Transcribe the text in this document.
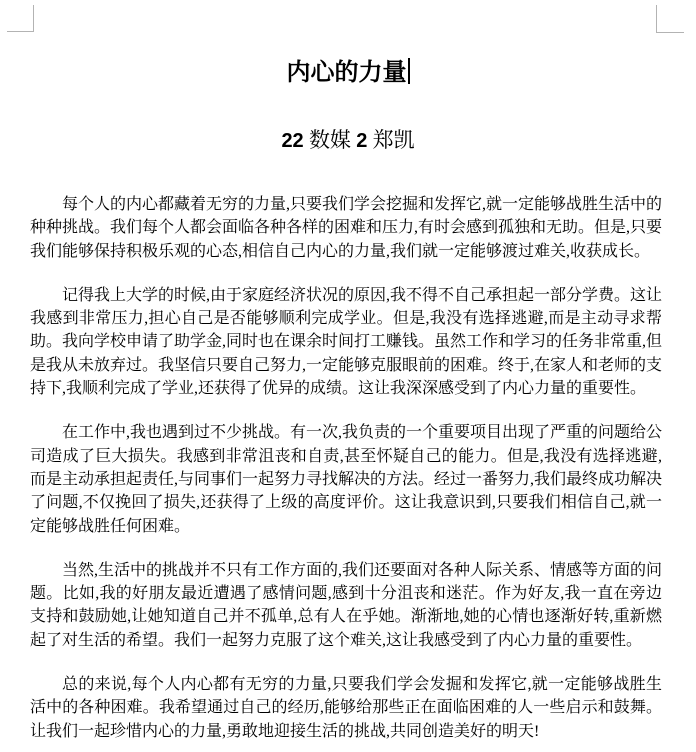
内心的力量
22 数媒 2 郑凯

每个人的内心都藏着无穷的力量,只要我们学会挖掘和发挥它,就一定能够战胜生活中的种种挑战。我们每个人都会面临各种各样的困难和压力,有时会感到孤独和无助。但是,只要我们能够保持积极乐观的心态,相信自己内心的力量,我们就一定能够渡过难关,收获成长。

记得我上大学的时候,由于家庭经济状况的原因,我不得不自己承担起一部分学费。这让我感到非常压力,担心自己是否能够顺利完成学业。但是,我没有选择逃避,而是主动寻求帮助。我向学校申请了助学金,同时也在课余时间打工赚钱。虽然工作和学习的任务非常重,但是我从未放弃过。我坚信只要自己努力,一定能够克服眼前的困难。终于,在家人和老师的支持下,我顺利完成了学业,还获得了优异的成绩。这让我深深感受到了内心力量的重要性。

在工作中,我也遇到过不少挑战。有一次,我负责的一个重要项目出现了严重的问题给公司造成了巨大损失。我感到非常沮丧和自责,甚至怀疑自己的能力。但是,我没有选择逃避,而是主动承担起责任,与同事们一起努力寻找解决的方法。经过一番努力,我们最终成功解决了问题,不仅挽回了损失,还获得了上级的高度评价。这让我意识到,只要我们相信自己,就一定能够战胜任何困难。

当然,生活中的挑战并不只有工作方面的,我们还要面对各种人际关系、情感等方面的问题。比如,我的好朋友最近遭遇了感情问题,感到十分沮丧和迷茫。作为好友,我一直在旁边支持和鼓励她,让她知道自己并不孤单,总有人在乎她。渐渐地,她的心情也逐渐好转,重新燃起了对生活的希望。我们一起努力克服了这个难关,这让我感受到了内心力量的重要性。

总的来说,每个人内心都有无穷的力量,只要我们学会发掘和发挥它,就一定能够战胜生活中的各种困难。我希望通过自己的经历,能够给那些正在面临困难的人一些启示和鼓舞。让我们一起珍惜内心的力量,勇敢地迎接生活的挑战,共同创造美好的明天!
